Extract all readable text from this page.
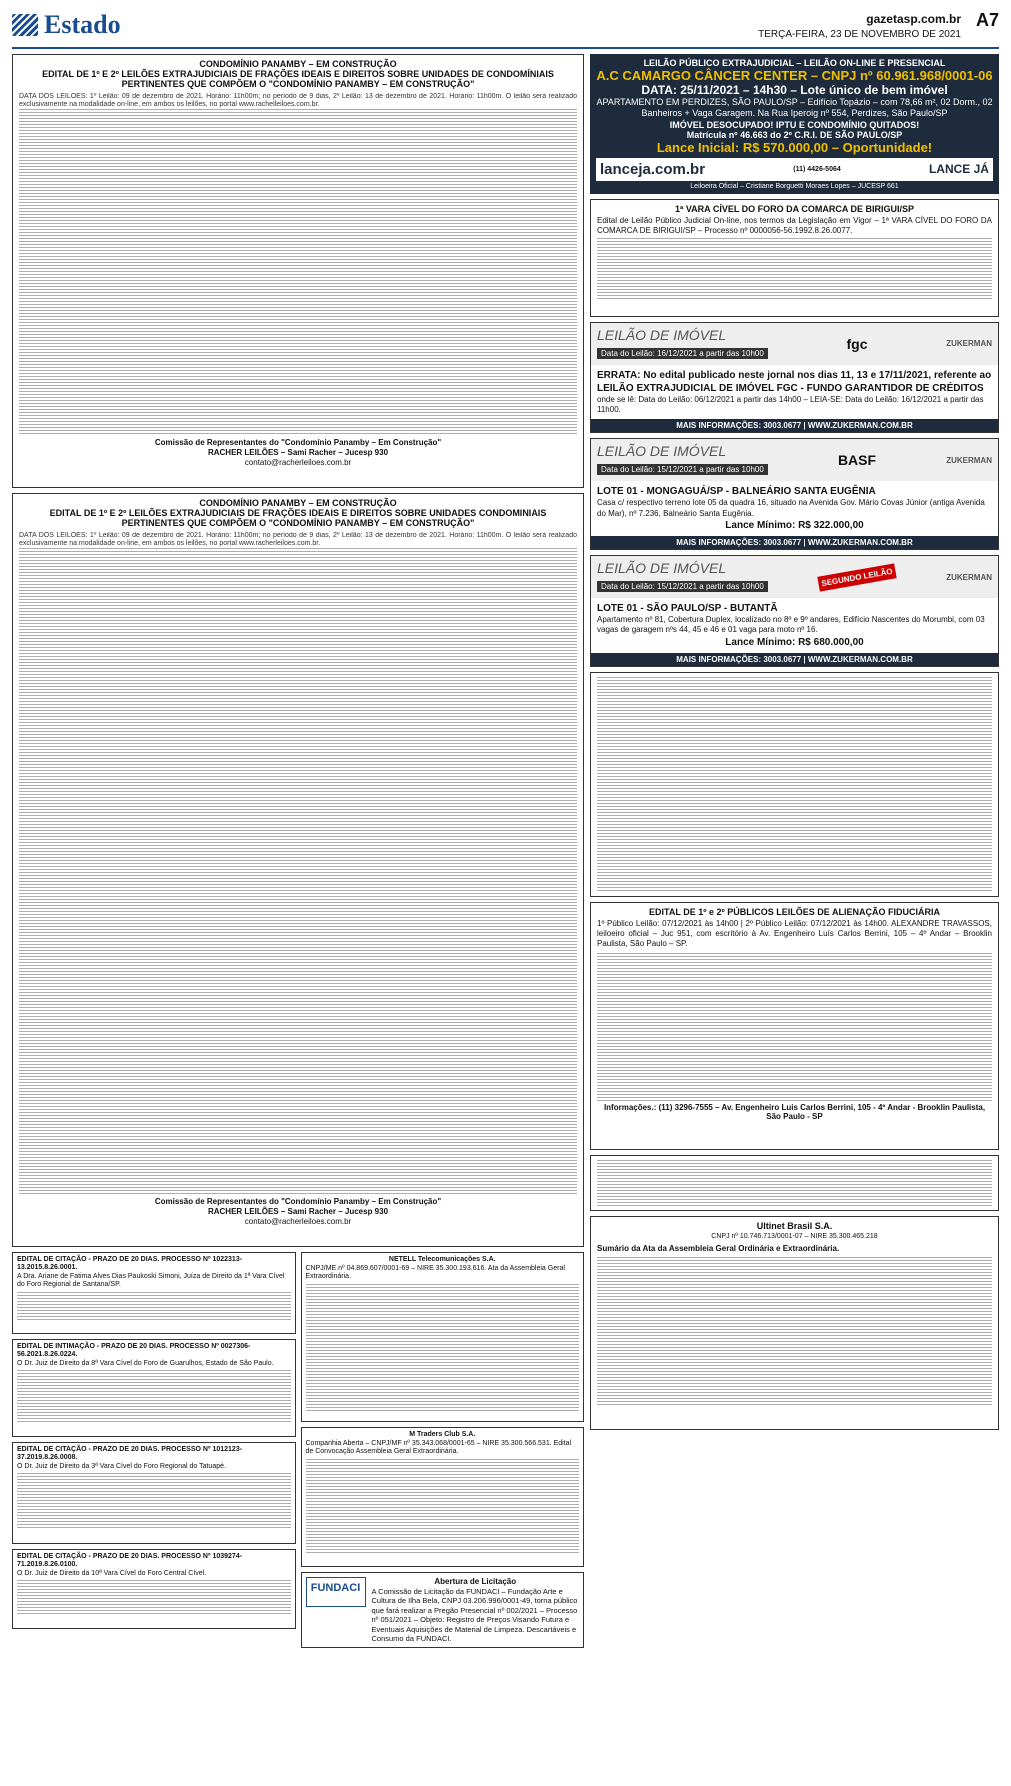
Estado	gazetasp.com.br A7
TERÇA-FEIRA, 23 DE NOVEMBRO DE 2021
CONDOMÍNIO PANAMBY – EM CONSTRUÇÃO
EDITAL DE 1º E 2º LEILÕES EXTRAJUDICIAIS DE FRAÇÕES IDEAIS E DIREITOS SOBRE UNIDADES DE CONDOMÍNIAIS PERTINENTES QUE COMPÕEM O "CONDOMÍNIO PANAMBY – EM CONSTRUÇÃO"
DATA DOS LEILÕES: 1º Leilão: 09 de dezembro de 2021. Horário: 11h00m; no período de 9 dias, 2º Leilão: 13 de dezembro de 2021. Horário: 11h00m. O leilão será realizado exclusivamente na modalidade on-line, em ambos os leilões, no portal www.rachelleiloes.com.br.
Comissão de Representantes do "Condomínio Panamby – Em Construção"
RACHER LEILÕES – Sami Racher – Jucesp 930
contato@racherleiloes.com.br
CONDOMÍNIO PANAMBY – EM CONSTRUÇÃO
EDITAL DE 1º E 2º LEILÕES EXTRAJUDICIAIS DE FRAÇÕES IDEAIS E DIREITOS SOBRE UNIDADES CONDOMINIAIS PERTINENTES QUE COMPÕEM O "CONDOMÍNIO PANAMBY – EM CONSTRUÇÃO"
DATA DOS LEILÕES: 1º Leilão: 09 de dezembro de 2021. Horário: 11h00m; no período de 9 dias, 2º Leilão: 13 de dezembro de 2021. Horário: 11h00m. O leilão será realizado exclusivamente na modalidade on-line, em ambos os leilões, no portal www.racherleiloes.com.br.
Comissão de Representantes do "Condomínio Panamby – Em Construção"
RACHER LEILÕES – Sami Racher – Jucesp 930
contato@racherleiloes.com.br
EDITAL DE CITAÇÃO - PRAZO DE 20 DIAS. PROCESSO Nº 1022313-13.2015.8.26.0001.
A Dra. Ariane de Fatima Alves Dias Paukoski Simoni, Juíza de Direito da 1ª Vara Cível do Foro Regional de Santana/SP.
EDITAL DE INTIMAÇÃO - PRAZO DE 20 DIAS. PROCESSO Nº 0027306-56.2021.8.26.0224.
O Dr. Juiz de Direito da 8ª Vara Cível do Foro de Guarulhos, Estado de São Paulo.
EDITAL DE CITAÇÃO - PRAZO DE 20 DIAS. PROCESSO Nº 1012123-37.2019.8.26.0008.
O Dr. Juiz de Direito da 3ª Vara Cível do Foro Regional do Tatuapé.
EDITAL DE CITAÇÃO - PRAZO DE 20 DIAS. PROCESSO Nº 1039274-71.2019.8.26.0100.
O Dr. Juiz de Direito da 10ª Vara Cível do Foro Central Cível.
NETELL Telecomunicações S.A.
CNPJ/ME nº 04.869.607/0001-69 – NIRE 35.300.193.616. Ata da Assembleia Geral Extraordinária.
M Traders Club S.A.
Companhia Aberta – CNPJ/MF nº 35.343.068/0001-65 – NIRE 35.300.566.531. Edital de Convocação Assembleia Geral Extraordinária.
FUNDACI
Abertura de Licitação
A Comissão de Licitação da FUNDACI – Fundação Arte e Cultura de Ilha Bela, CNPJ 03.206.996/0001-49, torna público que fará realizar a Pregão Presencial nº 002/2021 – Processo nº 051/2021 – Objeto: Registro de Preços Visando Futura e Eventuais Aquisições de Material de Limpeza. Descartáveis e Consumo da FUNDACI.
LEILÃO PÚBLICO EXTRAJUDICIAL – LEILÃO ON-LINE E PRESENCIAL
A.C CAMARGO CÂNCER CENTER – CNPJ nº 60.961.968/0001-06
DATA: 25/11/2021 – 14h30 – Lote único de bem imóvel
APARTAMENTO EM PERDIZES, SÃO PAULO/SP – Edifício Topázio – com 78,66 m², 02 Dorm., 02 Banheiros + Vaga Garagem. Na Rua Iperoig nº 554, Perdizes, São Paulo/SP
IMÓVEL DESOCUPADO! IPTU E CONDOMÍNIO QUITADOS!
Matrícula nº 46.663 do 2º C.R.I. DE SÃO PAULO/SP
Lance Inicial: R$ 570.000,00 – Oportunidade!
lanceja.com.br	(11) 4426-5064	LANCE JÁ
Leiloeira Oficial – Cristiane Borguetti Moraes Lopes – JUCESP 661
1ª VARA CÍVEL DO FORO DA COMARCA DE BIRIGUI/SP
Edital de Leilão Público Judicial On-line, nos termos da Legislação em Vigor – 1ª VARA CÍVEL DO FORO DA COMARCA DE BIRIGUI/SP – Processo nº 0000056-56.1992.8.26.0077.
LEILÃO DE IMÓVEL
Data do Leilão: 16/12/2021 a partir das 10h00
fgc	ZUKERMAN
ERRATA: No edital publicado neste jornal nos dias 11, 13 e 17/11/2021, referente ao LEILÃO EXTRAJUDICIAL DE IMÓVEL FGC - FUNDO GARANTIDOR DE CRÉDITOS
onde se lê: Data do Leilão: 06/12/2021 a partir das 14h00 – LEIA-SE: Data do Leilão: 16/12/2021 a partir das 11h00.
MAIS INFORMAÇÕES: 3003.0677 | WWW.ZUKERMAN.COM.BR
LEILÃO DE IMÓVEL
Data do Leilão: 15/12/2021 a partir das 10h00
BASF	ZUKERMAN
LOTE 01 - MONGAGUÁ/SP - BALNEÁRIO SANTA EUGÊNIA
Casa c/ respectivo terreno lote 05 da quadra 16, situado na Avenida Gov. Mário Covas Júnior (antiga Avenida do Mar), nº 7.236, Balneário Santa Eugênia.
Lance Mínimo: R$ 322.000,00
MAIS INFORMAÇÕES: 3003.0677 | WWW.ZUKERMAN.COM.BR
LEILÃO DE IMÓVEL
Data do Leilão: 15/12/2021 a partir das 10h00	SEGUNDO LEILÃO	ZUKERMAN
LOTE 01 - SÃO PAULO/SP - BUTANTÃ
Apartamento nº 81, Cobertura Duplex, localizado no 8º e 9º andares, Edifício Nascentes do Morumbi, com 03 vagas de garagem nºs 44, 45 e 46 e 01 vaga para moto nº 16.
Lance Mínimo: R$ 680.000,00
MAIS INFORMAÇÕES: 3003.0677 | WWW.ZUKERMAN.COM.BR
EDITAL DE 1º e 2º PÚBLICOS LEILÕES DE ALIENAÇÃO FIDUCIÁRIA
1º Público Leilão: 07/12/2021 às 14h00 | 2º Público Leilão: 07/12/2021 às 14h00. ALEXANDRE TRAVASSOS, leiloeiro oficial – Juc 951, com escritório à Av. Engenheiro Luís Carlos Berrini, 105 – 4º Andar – Brooklin Paulista, São Paulo – SP.
Informações.: (11) 3296-7555 – Av. Engenheiro Luis Carlos Berrini, 105 - 4º Andar - Brooklin Paulista, São Paulo - SP
Ultinet Brasil S.A.
CNPJ nº 10.746.713/0001-07 – NIRE 35.300.465.218
Sumário da Ata da Assembleia Geral Ordinária e Extraordinária.
